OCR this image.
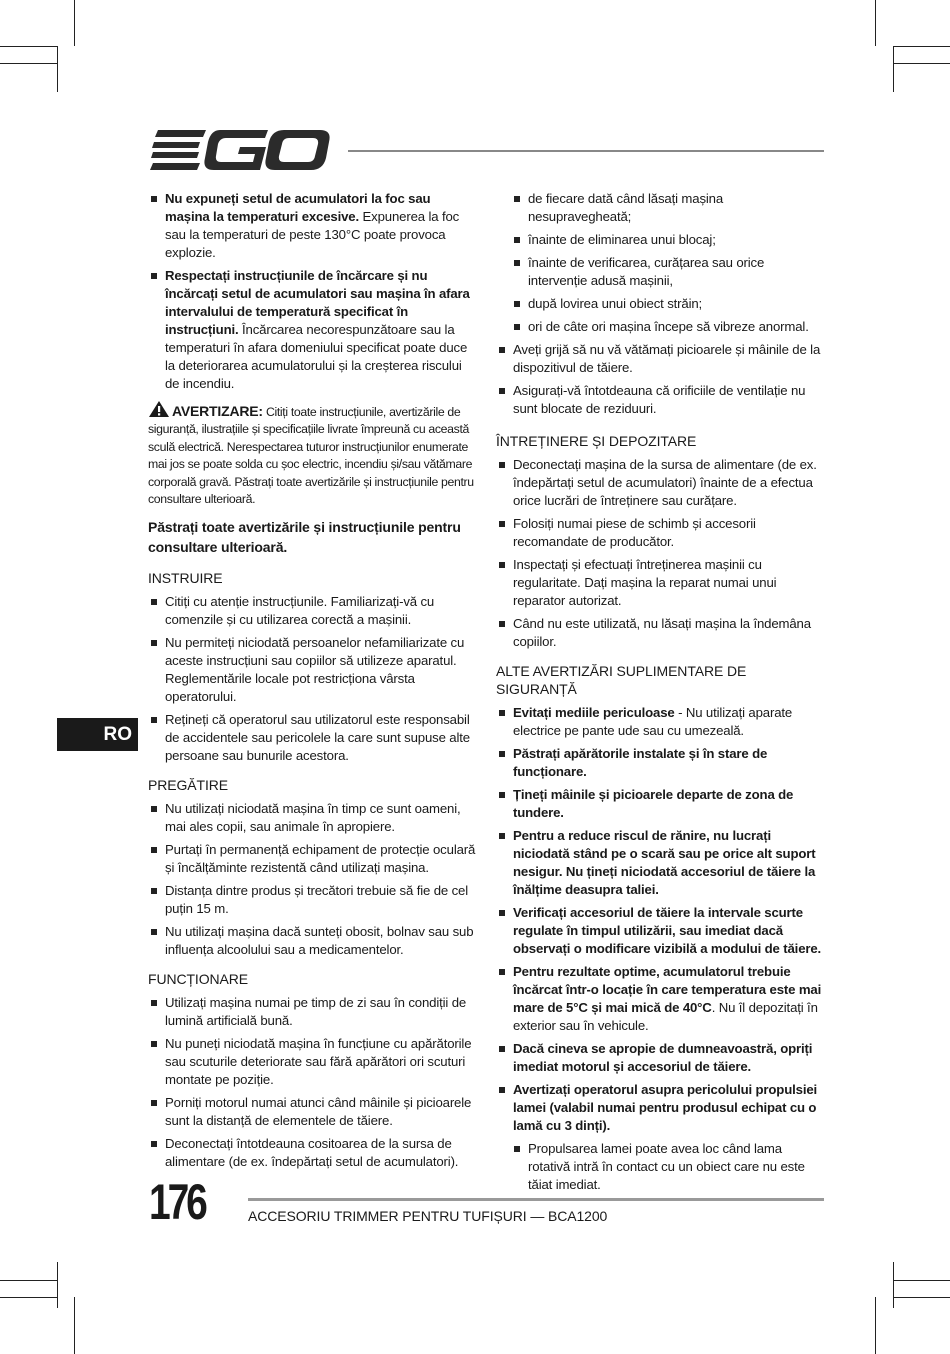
Nu expuneți setul de acumulatori la foc sau mașina la temperaturi excesive. Expunerea la foc sau la temperaturi de peste 130°C poate provoca explozie.
Respectați instrucțiunile de încărcare și nu încărcați setul de acumulatori sau mașina în afara intervalului de temperatură specificat în instrucțiuni. Încărcarea necorespunzătoare sau la temperaturi în afara domeniului specificat poate duce la deteriorarea acumulatorului și la creșterea riscului de incendiu.
AVERTIZARE: Citiți toate instrucțiunile, avertizările de siguranță, ilustrațiile și specificațiile livrate împreună cu această sculă electrică. Nerespectarea tuturor instrucțiunilor enumerate mai jos se poate solda cu șoc electric, incendiu și/sau vătămare corporală gravă. Păstrați toate avertizările și instrucțiunile pentru consultare ulterioară.

Păstrați toate avertizările și instrucțiunile pentru consultare ulterioară.

INSTRUIRE
Citiți cu atenție instrucțiunile. Familiarizați-vă cu comenzile și cu utilizarea corectă a mașinii.
Nu permiteți niciodată persoanelor nefamiliarizate cu aceste instrucțiuni sau copiilor să utilizeze aparatul. Reglementările locale pot restricționa vârsta operatorului.
Rețineți că operatorul sau utilizatorul este responsabil de accidentele sau pericolele la care sunt supuse alte persoane sau bunurile acestora.
PREGĂTIRE
Nu utilizați niciodată mașina în timp ce sunt oameni, mai ales copii, sau animale în apropiere.
Purtați în permanență echipament de protecție oculară și încălțăminte rezistentă când utilizați mașina.
Distanța dintre produs și trecători trebuie să fie de cel puțin 15 m.
Nu utilizați mașina dacă sunteți obosit, bolnav sau sub influența alcoolului sau a medicamentelor.
FUNCȚIONARE
Utilizați mașina numai pe timp de zi sau în condiții de lumină artificială bună.
Nu puneți niciodată mașina în funcțiune cu apărătorile sau scuturile deteriorate sau fără apărători ori scuturi montate pe poziție.
Porniți motorul numai atunci când mâinile și picioarele sunt la distanță de elementele de tăiere.
Deconectați întotdeauna cositoarea de la sursa de alimentare (de ex. îndepărtați setul de acumulatori).
de fiecare dată când lăsați mașina nesupravegheată;
înainte de eliminarea unui blocaj;
înainte de verificarea, curățarea sau orice intervenție adusă mașinii,
după lovirea unui obiect străin;
ori de câte ori mașina începe să vibreze anormal.
Aveți grijă să nu vă vătămați picioarele și mâinile de la dispozitivul de tăiere.
Asigurați-vă întotdeauna că orificiile de ventilație nu sunt blocate de reziduuri.
ÎNTREȚINERE ȘI DEPOZITARE
Deconectați mașina de la sursa de alimentare (de ex. îndepărtați setul de acumulatori) înainte de a efectua orice lucrări de întreținere sau curățare.
Folosiți numai piese de schimb și accesorii recomandate de producător.
Inspectați și efectuați întreținerea mașinii cu regularitate. Dați mașina la reparat numai unui reparator autorizat.
Când nu este utilizată, nu lăsați mașina la îndemâna copiilor.
ALTE AVERTIZĂRI SUPLIMENTARE DE SIGURANȚĂ
Evitați mediile periculoase - Nu utilizați aparate electrice pe pante ude sau cu umezeală.
Păstrați apărătorile instalate și în stare de funcționare.
Țineți mâinile și picioarele departe de zona de tundere.
Pentru a reduce riscul de rănire, nu lucrați niciodată stând pe o scară sau pe orice alt suport nesigur. Nu țineți niciodată accesoriul de tăiere la înălțime deasupra taliei.
Verificați accesoriul de tăiere la intervale scurte regulate în timpul utilizării, sau imediat dacă observați o modificare vizibilă a modului de tăiere.
Pentru rezultate optime, acumulatorul trebuie încărcat într-o locație în care temperatura este mai mare de 5°C și mai mică de 40°C. Nu îl depozitați în exterior sau în vehicule.
Dacă cineva se apropie de dumneavoastră, opriți imediat motorul și accesoriul de tăiere.
Avertizați operatorul asupra pericolului propulsiei lamei (valabil numai pentru produsul echipat cu o lamă cu 3 dinți).
Propulsarea lamei poate avea loc când lama rotativă intră în contact cu un obiect care nu este tăiat imediat.
RO
176	ACCESORIU TRIMMER PENTRU TUFIȘURI — BCA1200
